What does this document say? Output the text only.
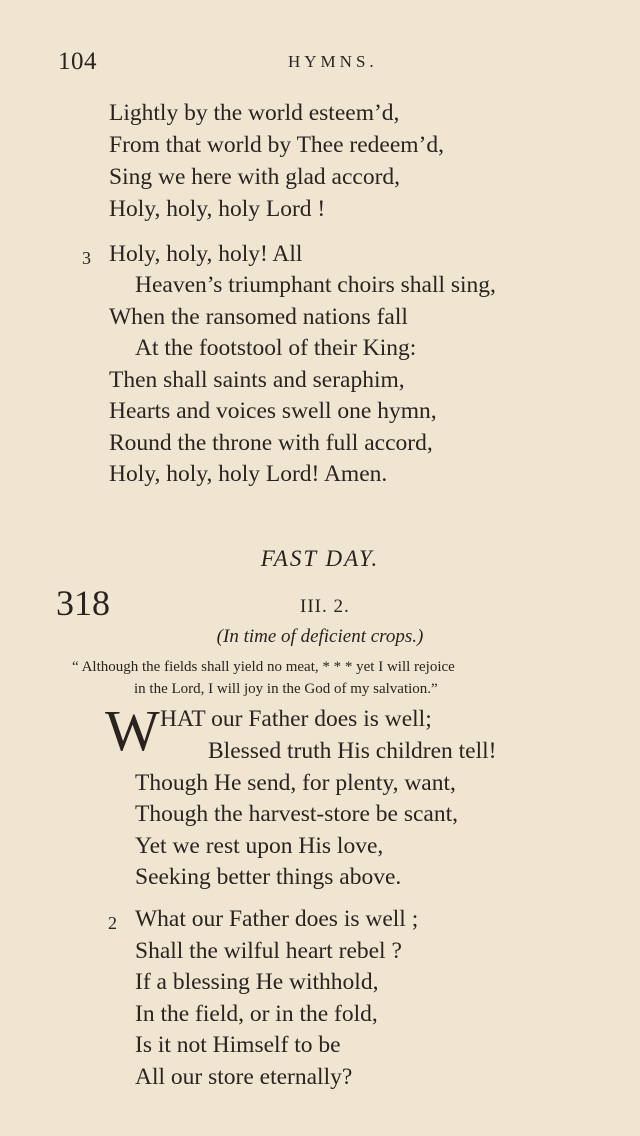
104	HYMNS.
Lightly by the world esteem’d,
From that world by Thee redeem’d,
Sing we here with glad accord,
Holy, holy, holy Lord !
3 Holy, holy, holy! All
Heaven’s triumphant choirs shall sing,
When the ransomed nations fall
At the footstool of their King:
Then shall saints and seraphim,
Hearts and voices swell one hymn,
Round the throne with full accord,
Holy, holy, holy Lord! Amen.
FAST DAY.
318	III. 2.
(In time of deficient crops.)
“ Although the fields shall yield no meat, * * * yet I will rejoice
in the Lord, I will joy in the God of my salvation.”
W HAT our Father does is well;
Blessed truth His children tell!
Though He send, for plenty, want,
Though the harvest-store be scant,
Yet we rest upon His love,
Seeking better things above.
2 What our Father does is well ;
Shall the wilful heart rebel ?
If a blessing He withhold,
In the field, or in the fold,
Is it not Himself to be
All our store eternally?
